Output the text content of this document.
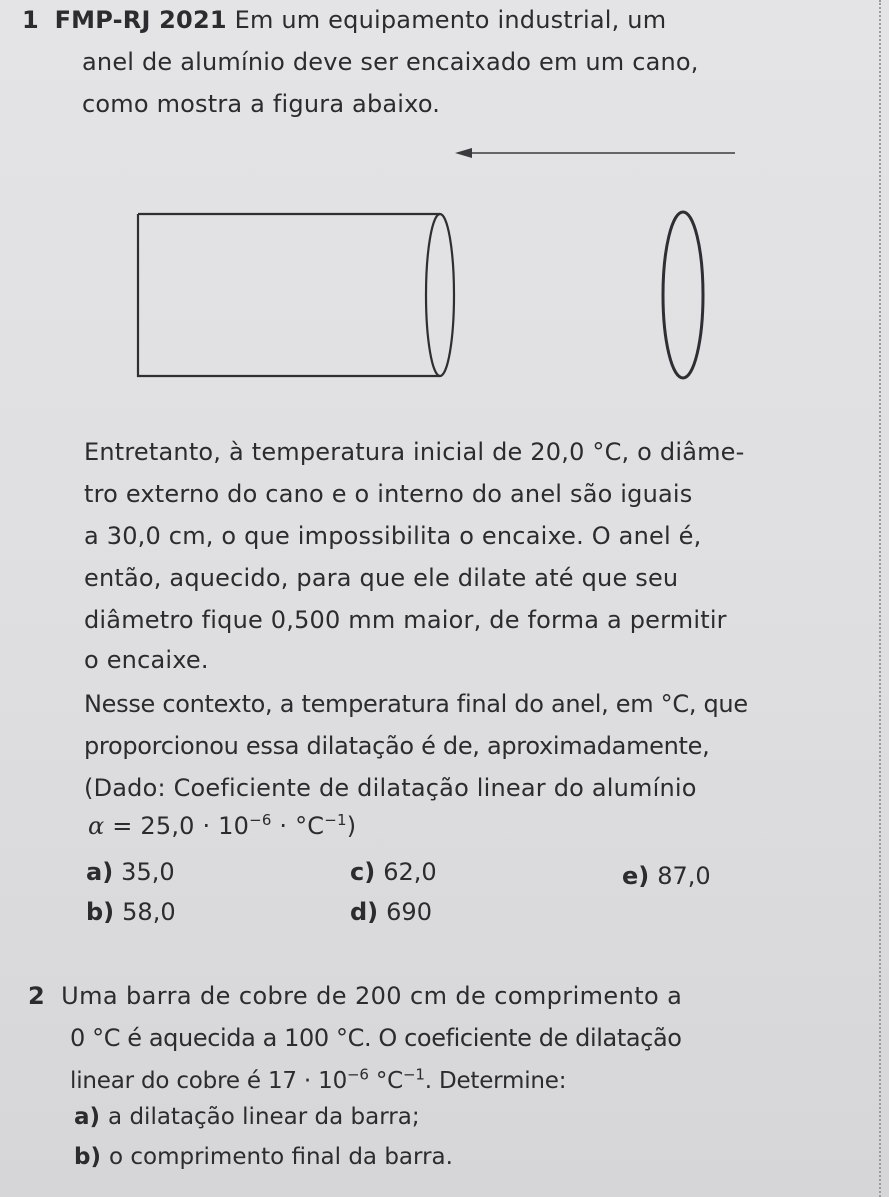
1 FMP-RJ 2021 Em um equipamento industrial, um
anel de alumínio deve ser encaixado em um cano,
como mostra a figura abaixo.
Entretanto, à temperatura inicial de 20,0 °C, o diâme-
tro externo do cano e o interno do anel são iguais
a 30,0 cm, o que impossibilita o encaixe. O anel é,
então, aquecido, para que ele dilate até que seu
diâmetro fique 0,500 mm maior, de forma a permitir
o encaixe.
Nesse contexto, a temperatura final do anel, em °C, que
proporcionou essa dilatação é de, aproximadamente,
(Dado: Coeficiente de dilatação linear do alumínio
$\alpha = 25,0 \cdot 10^{-6} \cdot ^\circ C^{-1}$)
a) 35,0
b) 58,0
c) 62,0
d) 690
e) 87,0
2 Uma barra de cobre de 200 cm de comprimento a
0 °C é aquecida a 100 °C. O coeficiente de dilatação
linear do cobre é $17 \cdot 10^{-6}$ $^\circ C^{-1}$. Determine:
a) a dilatação linear da barra;
b) o comprimento final da barra.
